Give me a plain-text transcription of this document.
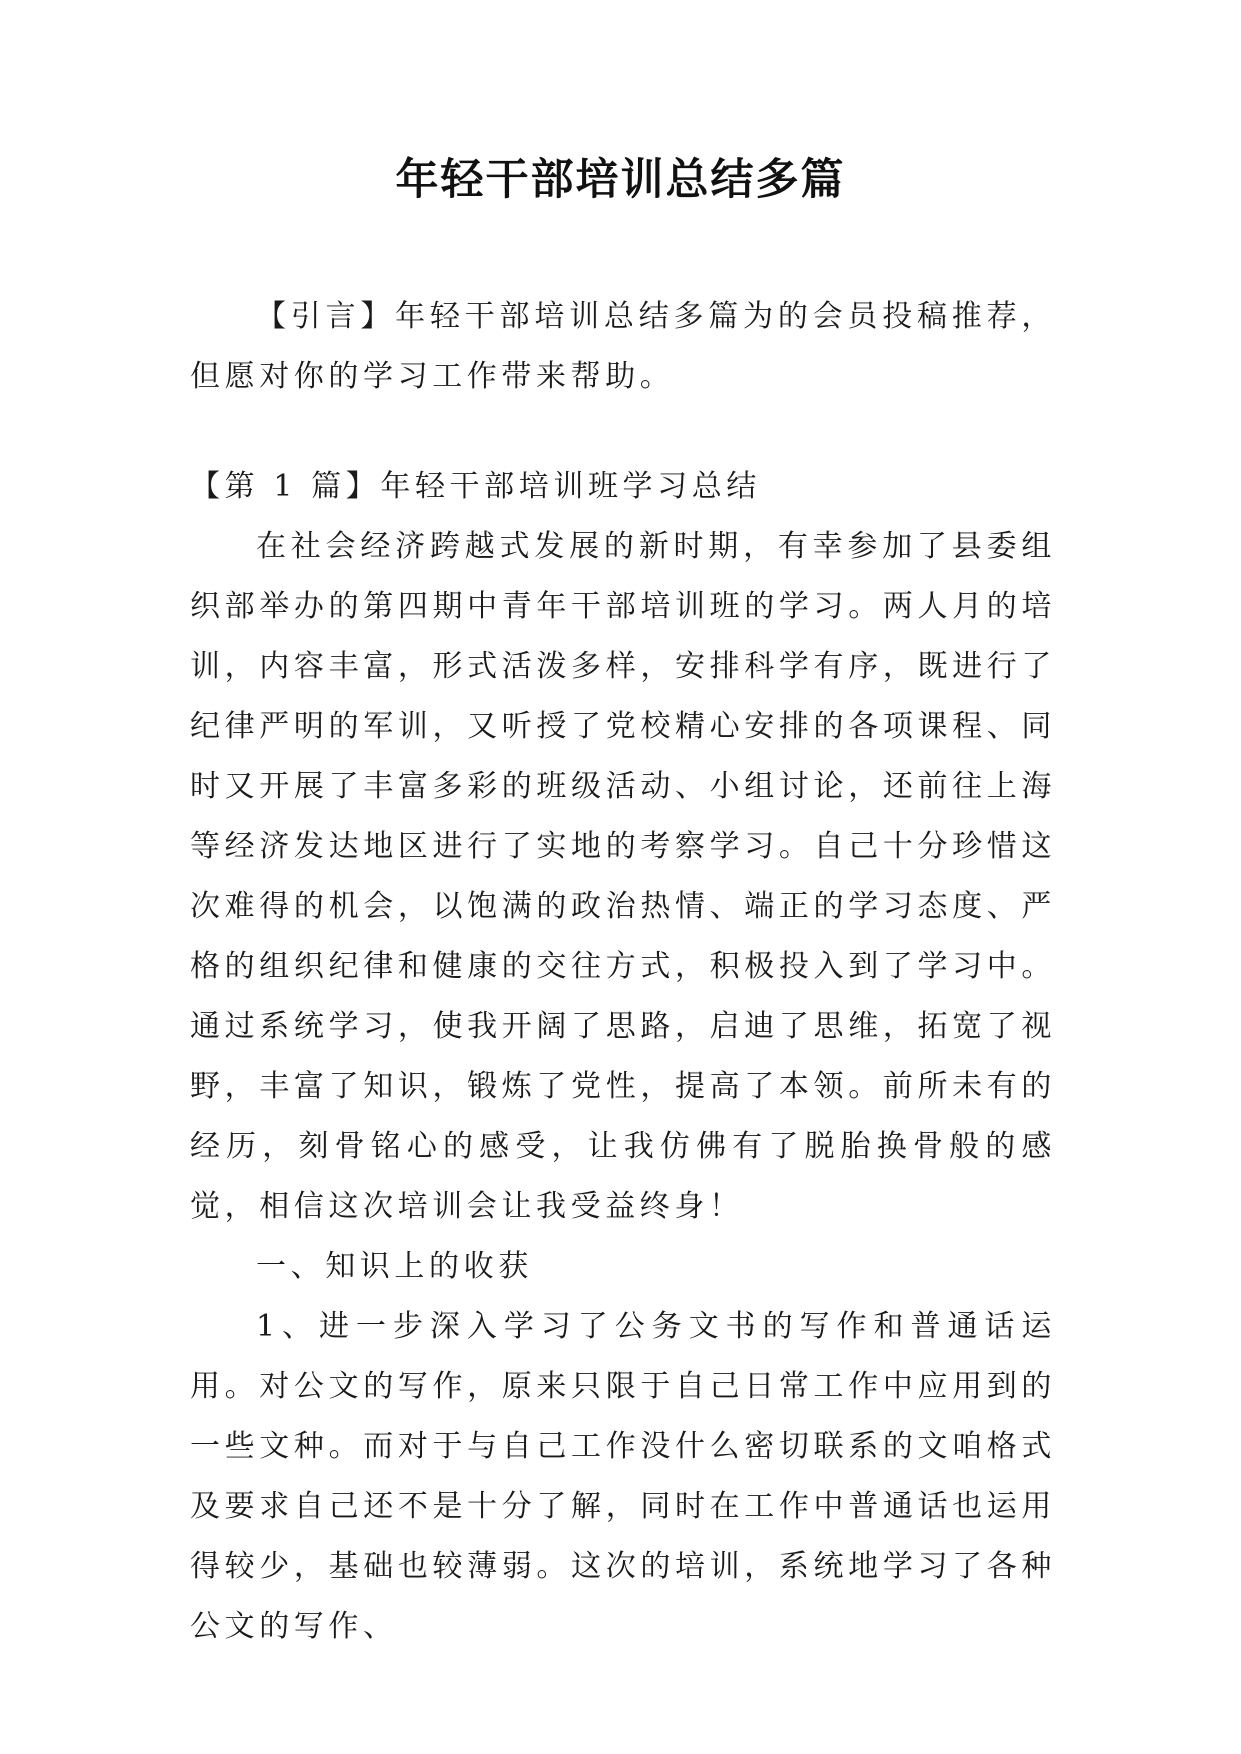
年轻干部培训总结多篇

【引言】年轻干部培训总结多篇为的会员投稿推荐，但愿对你的学习工作带来帮助。

【第 1 篇】年轻干部培训班学习总结

在社会经济跨越式发展的新时期，有幸参加了县委组织部举办的第四期中青年干部培训班的学习。两人月的培训，内容丰富，形式活泼多样，安排科学有序，既进行了纪律严明的军训，又听授了党校精心安排的各项课程、同时又开展了丰富多彩的班级活动、小组讨论，还前往上海等经济发达地区进行了实地的考察学习。自己十分珍惜这次难得的机会，以饱满的政治热情、端正的学习态度、严格的组织纪律和健康的交往方式，积极投入到了学习中。通过系统学习，使我开阔了思路，启迪了思维，拓宽了视野，丰富了知识，锻炼了党性，提高了本领。前所未有的经历，刻骨铭心的感受，让我仿佛有了脱胎换骨般的感觉，相信这次培训会让我受益终身！

一、知识上的收获

1、进一步深入学习了公务文书的写作和普通话运用。对公文的写作，原来只限于自己日常工作中应用到的一些文种。而对于与自己工作没什么密切联系的文咱格式及要求自己还不是十分了解，同时在工作中普通话也运用得较少，基础也较薄弱。这次的培训，系统地学习了各种公文的写作、
